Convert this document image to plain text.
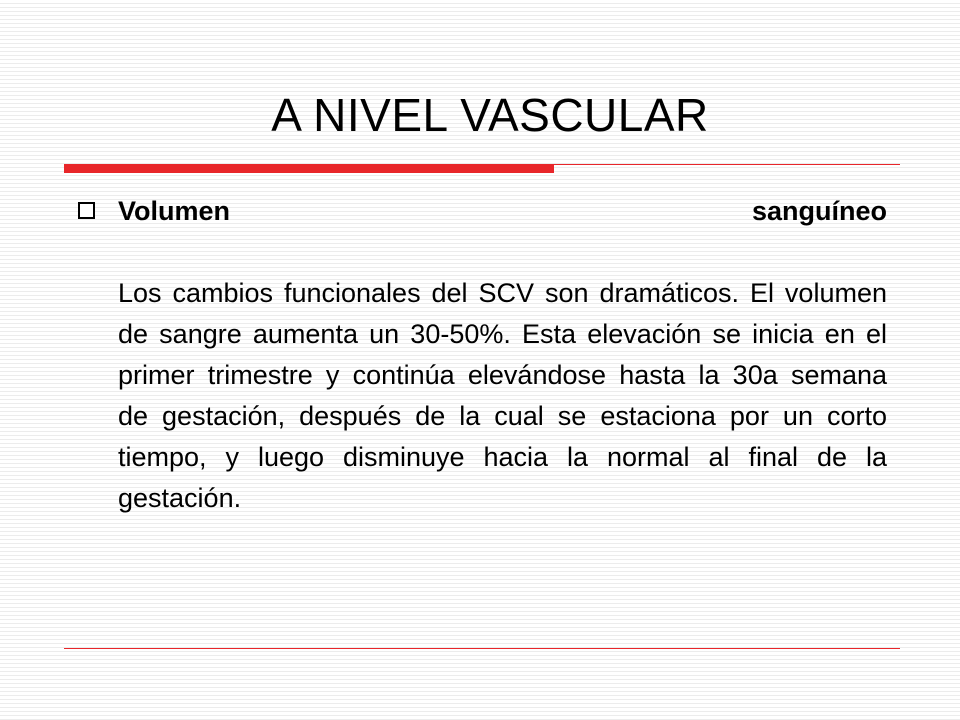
A NIVEL VASCULAR
Volumen	sanguíneo

Los cambios funcionales del SCV son dramáticos. El volumen de sangre aumenta un 30-50%. Esta elevación se inicia en el primer trimestre y continúa elevándose hasta la 30a semana de gestación, después de la cual se estaciona por un corto tiempo, y luego disminuye hacia la normal al final de la gestación.
